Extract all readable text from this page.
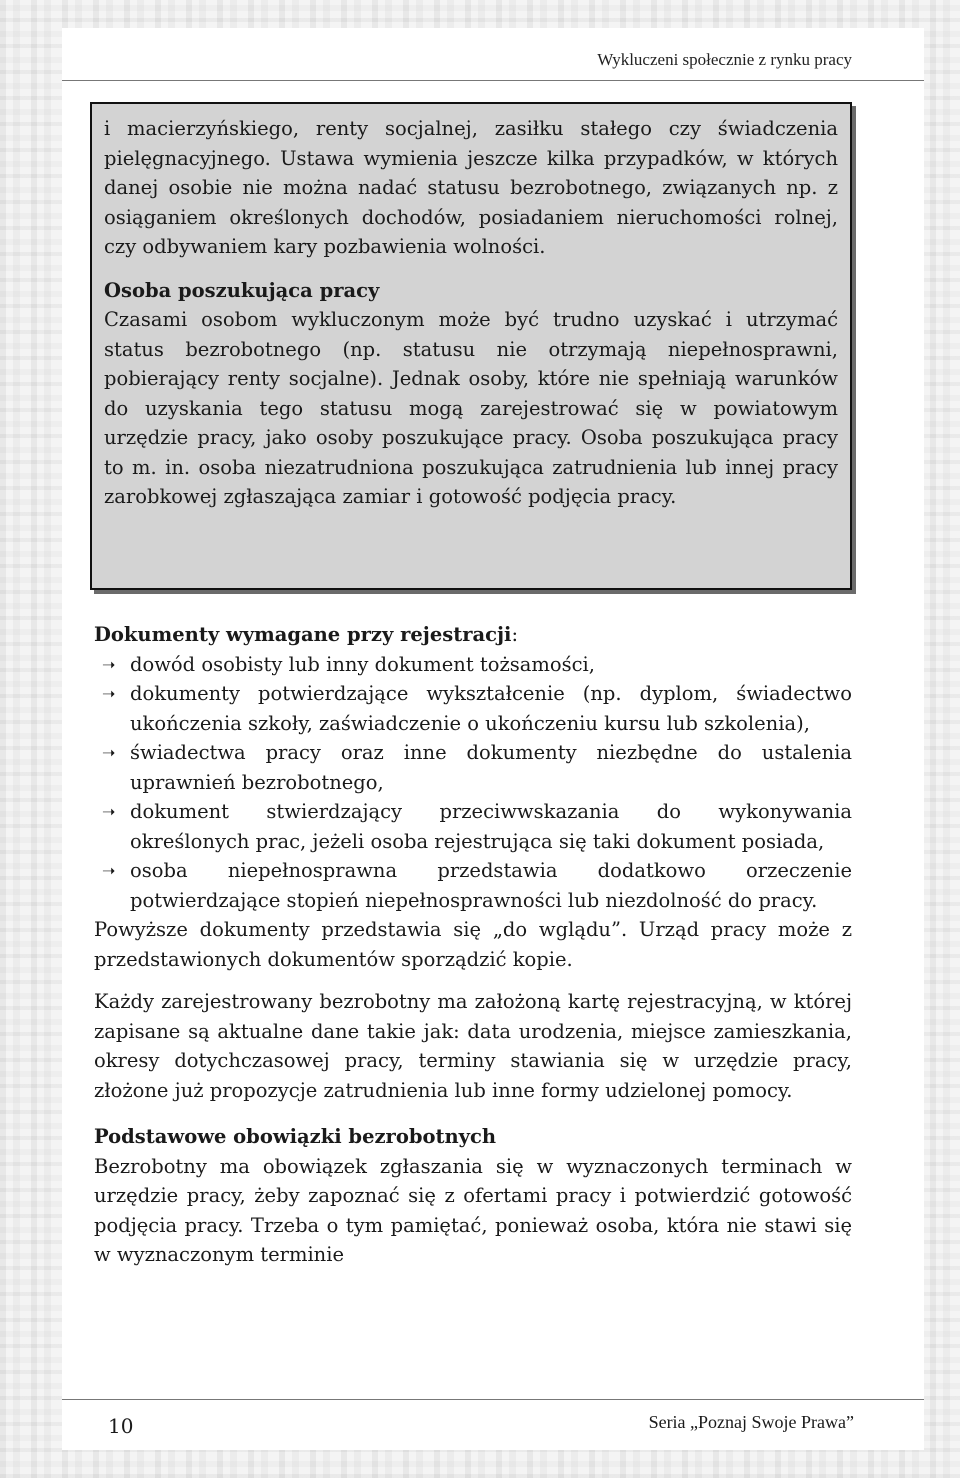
Wykluczeni społecznie z rynku pracy

i macierzyńskiego, renty socjalnej, zasiłku stałego czy świadczenia pielęgnacyjnego. Ustawa wymienia jeszcze kilka przypadków, w których danej osobie nie można nadać statusu bezrobotnego, związanych np. z osiąganiem określonych dochodów, posiadaniem nieruchomości rolnej, czy odbywaniem kary pozbawienia wolności.

Osoba poszukująca pracy

Czasami osobom wykluczonym może być trudno uzyskać i utrzymać status bezrobotnego (np. statusu nie otrzymają niepełnosprawni, pobierający renty socjalne). Jednak osoby, które nie spełniają warunków do uzyskania tego statusu mogą zarejestrować się w powiatowym urzędzie pracy, jako osoby poszukujące pracy. Osoba poszukująca pracy to m. in. osoba niezatrudniona poszukująca zatrudnienia lub innej pracy zarobkowej zgłaszająca zamiar i gotowość podjęcia pracy.

Dokumenty wymagane przy rejestracji:
➝ dowód osobisty lub inny dokument tożsamości,
➝ dokumenty potwierdzające wykształcenie (np. dyplom, świadectwo ukończenia szkoły, zaświadczenie o ukończeniu kursu lub szkolenia),
➝ świadectwa pracy oraz inne dokumenty niezbędne do ustalenia uprawnień bezrobotnego,
➝ dokument stwierdzający przeciwwskazania do wykonywania określonych prac, jeżeli osoba rejestrująca się taki dokument posiada,
➝ osoba niepełnosprawna przedstawia dodatkowo orzeczenie potwierdzające stopień niepełnosprawności lub niezdolność do pracy.

Powyższe dokumenty przedstawia się „do wglądu”. Urząd pracy może z przedstawionych dokumentów sporządzić kopie.

Każdy zarejestrowany bezrobotny ma założoną kartę rejestracyjną, w której zapisane są aktualne dane takie jak: data urodzenia, miejsce zamieszkania, okresy dotychczasowej pracy, terminy stawiania się w urzędzie pracy, złożone już propozycje zatrudnienia lub inne formy udzielonej pomocy.

Podstawowe obowiązki bezrobotnych

Bezrobotny ma obowiązek zgłaszania się w wyznaczonych terminach w urzędzie pracy, żeby zapoznać się z ofertami pracy i potwierdzić gotowość podjęcia pracy. Trzeba o tym pamiętać, ponieważ osoba, która nie stawi się w wyznaczonym terminie

10	Seria „Poznaj Swoje Prawa”
